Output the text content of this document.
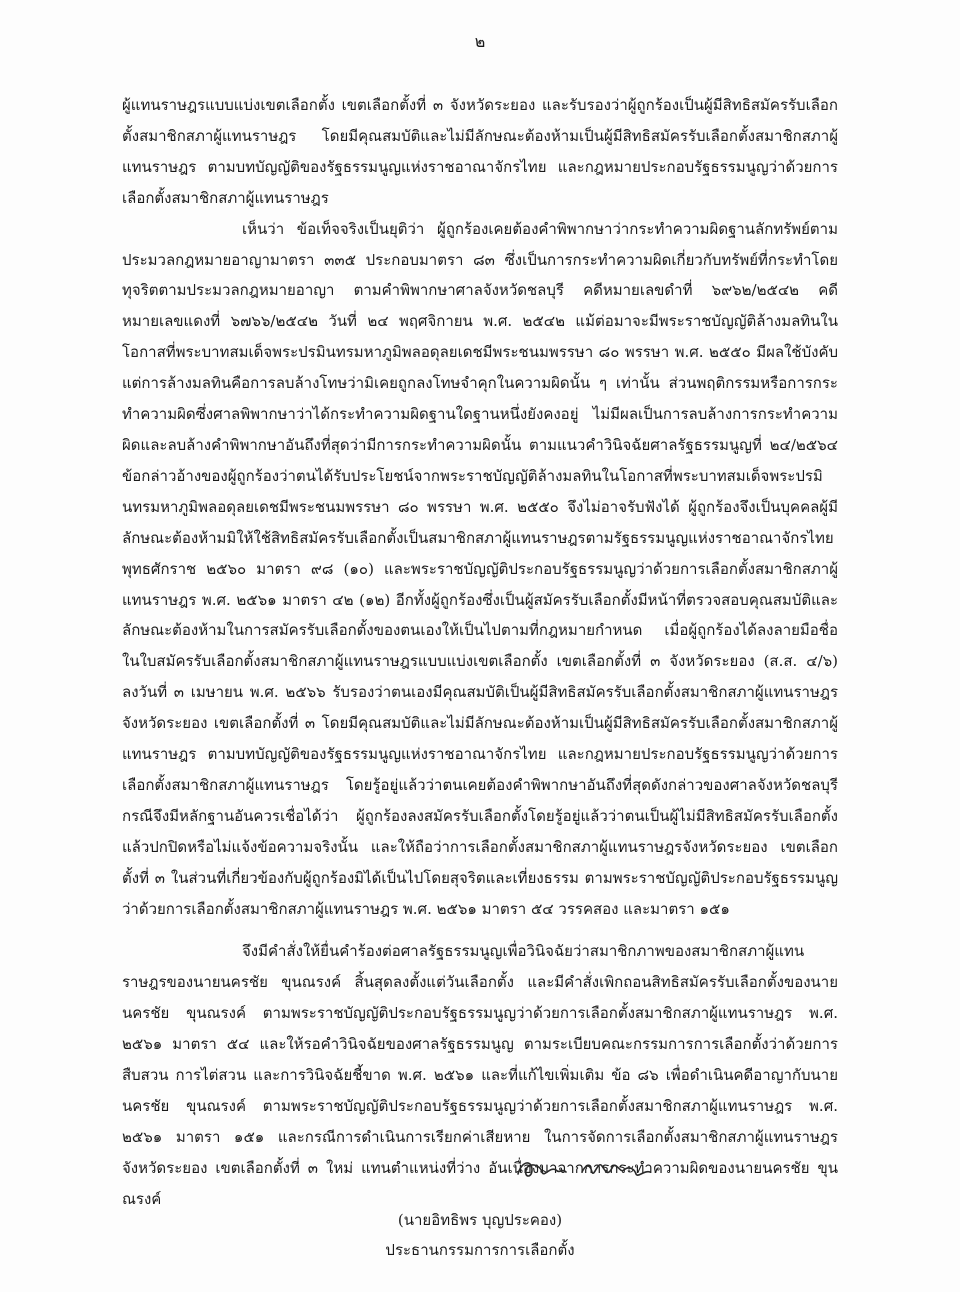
๒

ผู้แทนราษฎรแบบแบ่งเขตเลือกตั้ง เขตเลือกตั้งที่ ๓ จังหวัดระยอง และรับรองว่าผู้ถูกร้องเป็นผู้มีสิทธิสมัครรับเลือกตั้งสมาชิกสภาผู้แทนราษฎร โดยมีคุณสมบัติและไม่มีลักษณะต้องห้ามเป็นผู้มีสิทธิสมัครรับเลือกตั้งสมาชิกสภาผู้แทนราษฎร ตามบทบัญญัติของรัฐธรรมนูญแห่งราชอาณาจักรไทย และกฎหมายประกอบรัฐธรรมนูญว่าด้วยการเลือกตั้งสมาชิกสภาผู้แทนราษฎร

เห็นว่า ข้อเท็จจริงเป็นยุติว่า ผู้ถูกร้องเคยต้องคำพิพากษาว่ากระทำความผิดฐานลักทรัพย์ตามประมวลกฎหมายอาญามาตรา ๓๓๕ ประกอบมาตรา ๘๓ ซึ่งเป็นการกระทำความผิดเกี่ยวกับทรัพย์ที่กระทำโดยทุจริตตามประมวลกฎหมายอาญา ตามคำพิพากษาศาลจังหวัดชลบุรี คดีหมายเลขดำที่ ๖๙๖๒/๒๕๔๒ คดีหมายเลขแดงที่ ๖๗๖๖/๒๕๔๒ วันที่ ๒๔ พฤศจิกายน พ.ศ. ๒๕๔๒ แม้ต่อมาจะมีพระราชบัญญัติล้างมลทินในโอกาสที่พระบาทสมเด็จพระปรมินทรมหาภูมิพลอดุลยเดชมีพระชนมพรรษา ๘๐ พรรษา พ.ศ. ๒๕๕๐ มีผลใช้บังคับ แต่การล้างมลทินคือการลบล้างโทษว่ามิเคยถูกลงโทษจำคุกในความผิดนั้น ๆ เท่านั้น ส่วนพฤติกรรมหรือการกระทำความผิดซึ่งศาลพิพากษาว่าได้กระทำความผิดฐานใดฐานหนึ่งยังคงอยู่ ไม่มีผลเป็นการลบล้างการกระทำความผิดและลบล้างคำพิพากษาอันถึงที่สุดว่ามีการกระทำความผิดนั้น ตามแนวคำวินิจฉัยศาลรัฐธรรมนูญที่ ๒๔/๒๕๖๔ ข้อกล่าวอ้างของผู้ถูกร้องว่าตนได้รับประโยชน์จากพระราชบัญญัติล้างมลทินในโอกาสที่พระบาทสมเด็จพระปรมินทรมหาภูมิพลอดุลยเดชมีพระชนมพรรษา ๘๐ พรรษา พ.ศ. ๒๕๕๐ จึงไม่อาจรับฟังได้ ผู้ถูกร้องจึงเป็นบุคคลผู้มีลักษณะต้องห้ามมิให้ใช้สิทธิสมัครรับเลือกตั้งเป็นสมาชิกสภาผู้แทนราษฎรตามรัฐธรรมนูญแห่งราชอาณาจักรไทย พุทธศักราช ๒๕๖๐ มาตรา ๙๘ (๑๐) และพระราชบัญญัติประกอบรัฐธรรมนูญว่าด้วยการเลือกตั้งสมาชิกสภาผู้แทนราษฎร พ.ศ. ๒๕๖๑ มาตรา ๔๒ (๑๒) อีกทั้งผู้ถูกร้องซึ่งเป็นผู้สมัครรับเลือกตั้งมีหน้าที่ตรวจสอบคุณสมบัติและลักษณะต้องห้ามในการสมัครรับเลือกตั้งของตนเองให้เป็นไปตามที่กฎหมายกำหนด เมื่อผู้ถูกร้องได้ลงลายมือชื่อในใบสมัครรับเลือกตั้งสมาชิกสภาผู้แทนราษฎรแบบแบ่งเขตเลือกตั้ง เขตเลือกตั้งที่ ๓ จังหวัดระยอง (ส.ส. ๔/๖) ลงวันที่ ๓ เมษายน พ.ศ. ๒๕๖๖ รับรองว่าตนเองมีคุณสมบัติเป็นผู้มีสิทธิสมัครรับเลือกตั้งสมาชิกสภาผู้แทนราษฎร จังหวัดระยอง เขตเลือกตั้งที่ ๓ โดยมีคุณสมบัติและไม่มีลักษณะต้องห้ามเป็นผู้มีสิทธิสมัครรับเลือกตั้งสมาชิกสภาผู้แทนราษฎร ตามบทบัญญัติของรัฐธรรมนูญแห่งราชอาณาจักรไทย และกฎหมายประกอบรัฐธรรมนูญว่าด้วยการเลือกตั้งสมาชิกสภาผู้แทนราษฎร โดยรู้อยู่แล้วว่าตนเคยต้องคำพิพากษาอันถึงที่สุดดังกล่าวของศาลจังหวัดชลบุรี กรณีจึงมีหลักฐานอันควรเชื่อได้ว่า ผู้ถูกร้องลงสมัครรับเลือกตั้งโดยรู้อยู่แล้วว่าตนเป็นผู้ไม่มีสิทธิสมัครรับเลือกตั้งแล้วปกปิดหรือไม่แจ้งข้อความจริงนั้น และให้ถือว่าการเลือกตั้งสมาชิกสภาผู้แทนราษฎรจังหวัดระยอง เขตเลือกตั้งที่ ๓ ในส่วนที่เกี่ยวข้องกับผู้ถูกร้องมิได้เป็นไปโดยสุจริตและเที่ยงธรรม ตามพระราชบัญญัติประกอบรัฐธรรมนูญว่าด้วยการเลือกตั้งสมาชิกสภาผู้แทนราษฎร พ.ศ. ๒๕๖๑ มาตรา ๕๔ วรรคสอง และมาตรา ๑๕๑

จึงมีคำสั่งให้ยื่นคำร้องต่อศาลรัฐธรรมนูญเพื่อวินิจฉัยว่าสมาชิกภาพของสมาชิกสภาผู้แทนราษฎรของนายนครชัย ขุนณรงค์ สิ้นสุดลงตั้งแต่วันเลือกตั้ง และมีคำสั่งเพิกถอนสิทธิสมัครรับเลือกตั้งของนายนครชัย ขุนณรงค์ ตามพระราชบัญญัติประกอบรัฐธรรมนูญว่าด้วยการเลือกตั้งสมาชิกสภาผู้แทนราษฎร พ.ศ. ๒๕๖๑ มาตรา ๕๔ และให้รอคำวินิจฉัยของศาลรัฐธรรมนูญ ตามระเบียบคณะกรรมการการเลือกตั้งว่าด้วยการสืบสวน การไต่สวน และการวินิจฉัยชี้ขาด พ.ศ. ๒๕๖๑ และที่แก้ไขเพิ่มเติม ข้อ ๘๖ เพื่อดำเนินคดีอาญากับนายนครชัย ขุนณรงค์ ตามพระราชบัญญัติประกอบรัฐธรรมนูญว่าด้วยการเลือกตั้งสมาชิกสภาผู้แทนราษฎร พ.ศ. ๒๕๖๑ มาตรา ๑๕๑ และกรณีการดำเนินการเรียกค่าเสียหาย ในการจัดการเลือกตั้งสมาชิกสภาผู้แทนราษฎรจังหวัดระยอง เขตเลือกตั้งที่ ๓ ใหม่ แทนตำแหน่งที่ว่าง อันเนื่องมาจากการกระทำความผิดของนายนครชัย ขุนณรงค์

(นายอิทธิพร บุญประคอง)
ประธานกรรมการการเลือกตั้ง
